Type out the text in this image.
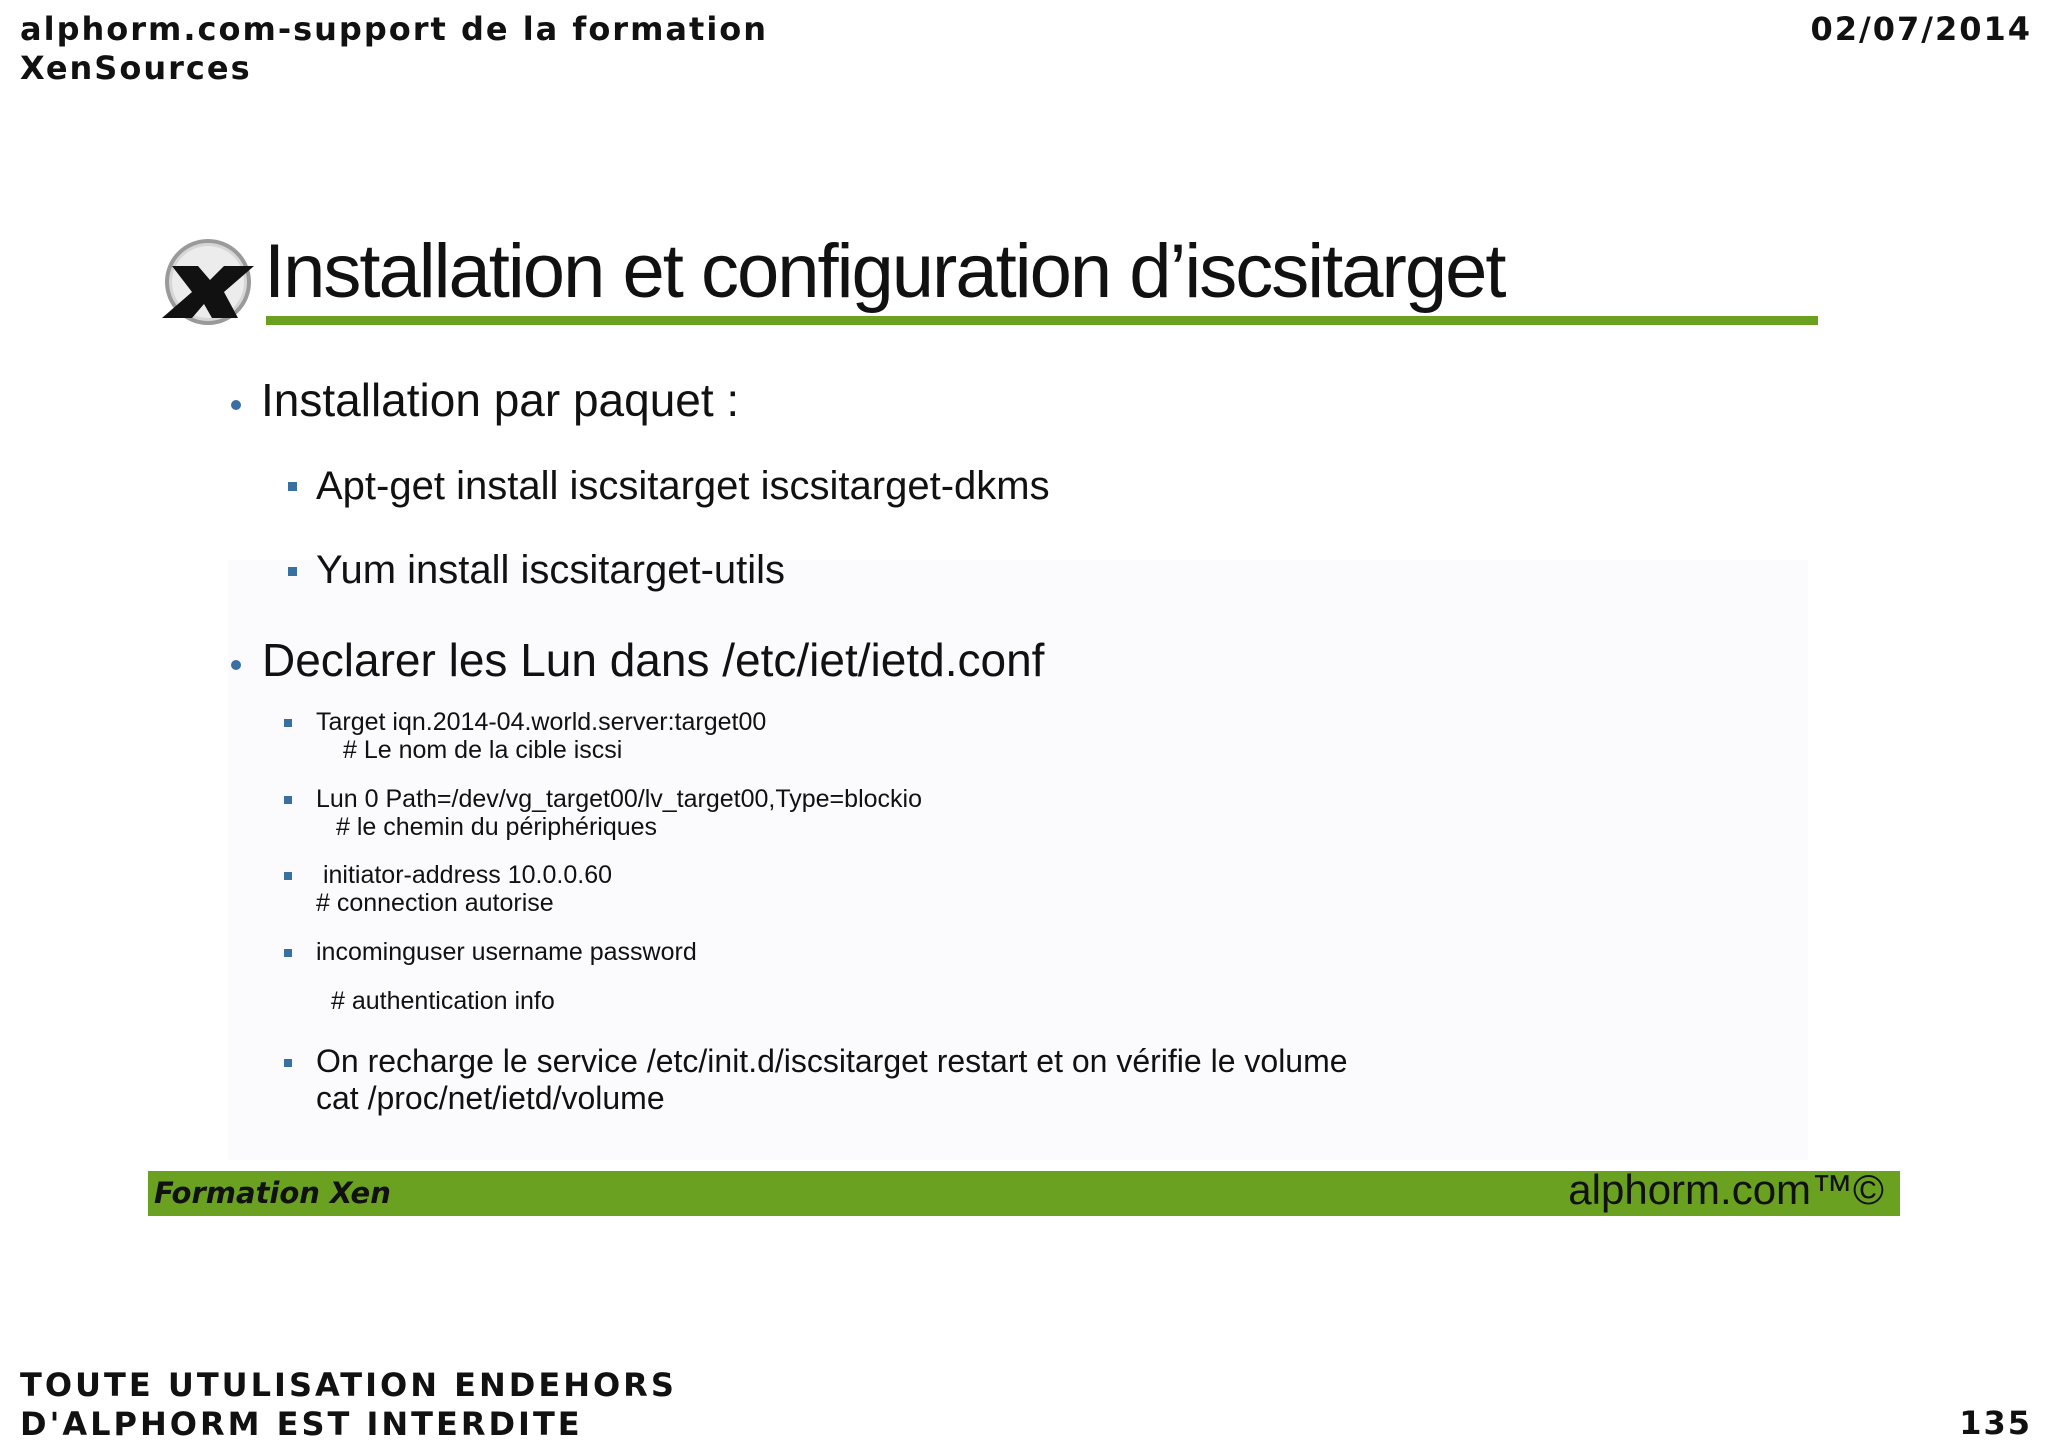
alphorm.com-support de la formation
XenSources
02/07/2014
Installation et configuration d’iscsitarget
Installation par paquet :
Apt-get install iscsitarget iscsitarget-dkms
Yum install iscsitarget-utils
Declarer les Lun dans /etc/iet/ietd.conf
Target iqn.2014-04.world.server:target00
# Le nom de la cible iscsi
Lun 0 Path=/dev/vg_target00/lv_target00,Type=blockio
# le chemin du périphériques
initiator-address 10.0.0.60
# connection autorise
incominguser username password
# authentication info
On recharge le service /etc/init.d/iscsitarget restart et on vérifie le volume
cat /proc/net/ietd/volume

Formation Xen	alphorm.com™©
TOUTE UTULISATION ENDEHORS
D'ALPHORM EST INTERDITE	135
